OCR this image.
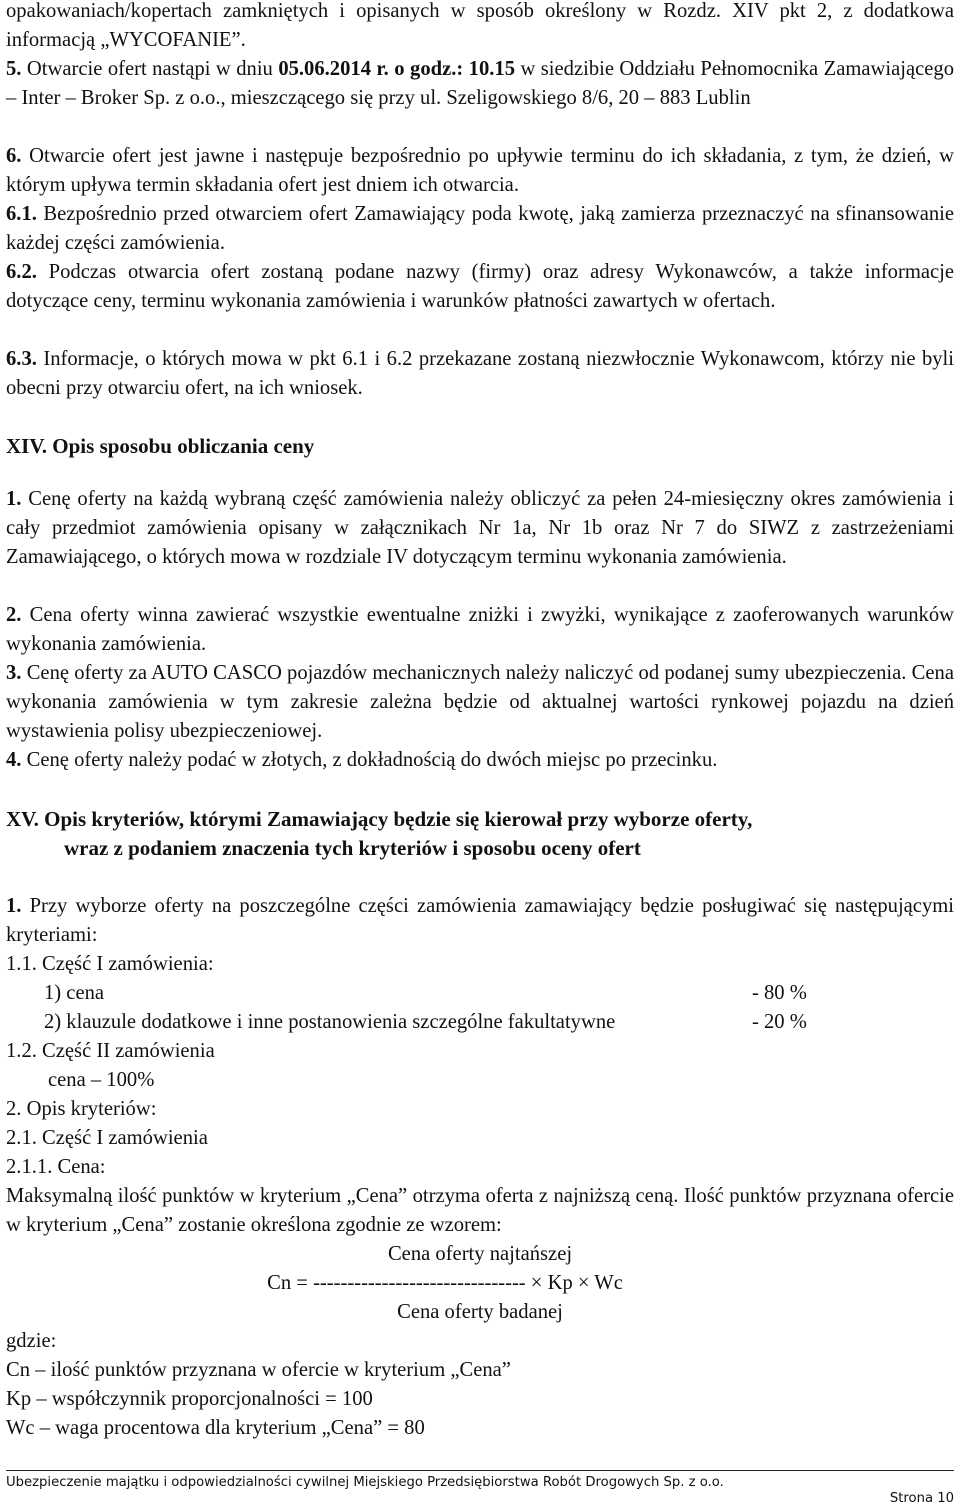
opakowaniach/kopertach zamkniętych i opisanych w sposób określony w Rozdz. XIV pkt 2, z dodatkowa informacją „WYCOFANIE”.
5. Otwarcie ofert nastąpi w dniu 05.06.2014 r. o godz.: 10.15 w siedzibie Oddziału Pełnomocnika Zamawiającego – Inter – Broker Sp. z o.o., mieszczącego się przy ul. Szeligowskiego 8/6, 20 – 883 Lublin
6. Otwarcie ofert jest jawne i następuje bezpośrednio po upływie terminu do ich składania, z tym, że dzień, w którym upływa termin składania ofert jest dniem ich otwarcia.
6.1. Bezpośrednio przed otwarciem ofert Zamawiający poda kwotę, jaką zamierza przeznaczyć na sfinansowanie każdej części zamówienia.
6.2. Podczas otwarcia ofert zostaną podane nazwy (firmy) oraz adresy Wykonawców, a także informacje dotyczące ceny, terminu wykonania zamówienia i warunków płatności zawartych w ofertach.
6.3. Informacje, o których mowa w pkt 6.1 i 6.2 przekazane zostaną niezwłocznie Wykonawcom, którzy nie byli obecni przy otwarciu ofert, na ich wniosek.
XIV. Opis sposobu obliczania ceny
1. Cenę oferty na każdą wybraną część zamówienia należy obliczyć za pełen 24-miesięczny okres zamówienia i cały przedmiot zamówienia opisany w załącznikach Nr 1a, Nr 1b oraz Nr 7 do SIWZ z zastrzeżeniami Zamawiającego, o których mowa w rozdziale IV dotyczącym terminu wykonania zamówienia.
2. Cena oferty winna zawierać wszystkie ewentualne zniżki i zwyżki, wynikające z zaoferowanych warunków wykonania zamówienia.
3. Cenę oferty za AUTO CASCO pojazdów mechanicznych należy naliczyć od podanej sumy ubezpieczenia. Cena wykonania zamówienia w tym zakresie zależna będzie od aktualnej wartości rynkowej pojazdu na dzień wystawienia polisy ubezpieczeniowej.
4. Cenę oferty należy podać w złotych, z dokładnością do dwóch miejsc po przecinku.
XV. Opis kryteriów, którymi Zamawiający będzie się kierował przy wyborze oferty,
wraz z podaniem znaczenia tych kryteriów i sposobu oceny ofert
1. Przy wyborze oferty na poszczególne części zamówienia zamawiający będzie posługiwać się następującymi kryteriami:
1.1. Część I zamówienia:
1) cena	- 80 %
2) klauzule dodatkowe i inne postanowienia szczególne fakultatywne	- 20 %
1.2. Część II zamówienia
cena – 100%
2. Opis kryteriów:
2.1. Część I zamówienia
2.1.1. Cena:
Maksymalną ilość punktów w kryterium „Cena” otrzyma oferta z najniższą ceną. Ilość punktów przyznana ofercie w kryterium „Cena” zostanie określona zgodnie ze wzorem:
Cena oferty najtańszej
Cn = ------------------------------- × Kp × Wc
Cena oferty badanej
gdzie:
Cn – ilość punktów przyznana w ofercie w kryterium „Cena”
Kp – współczynnik proporcjonalności = 100
Wc – waga procentowa dla kryterium „Cena” = 80
Ubezpieczenie majątku i odpowiedzialności cywilnej Miejskiego Przedsiębiorstwa Robót Drogowych Sp. z o.o.
Strona 10
